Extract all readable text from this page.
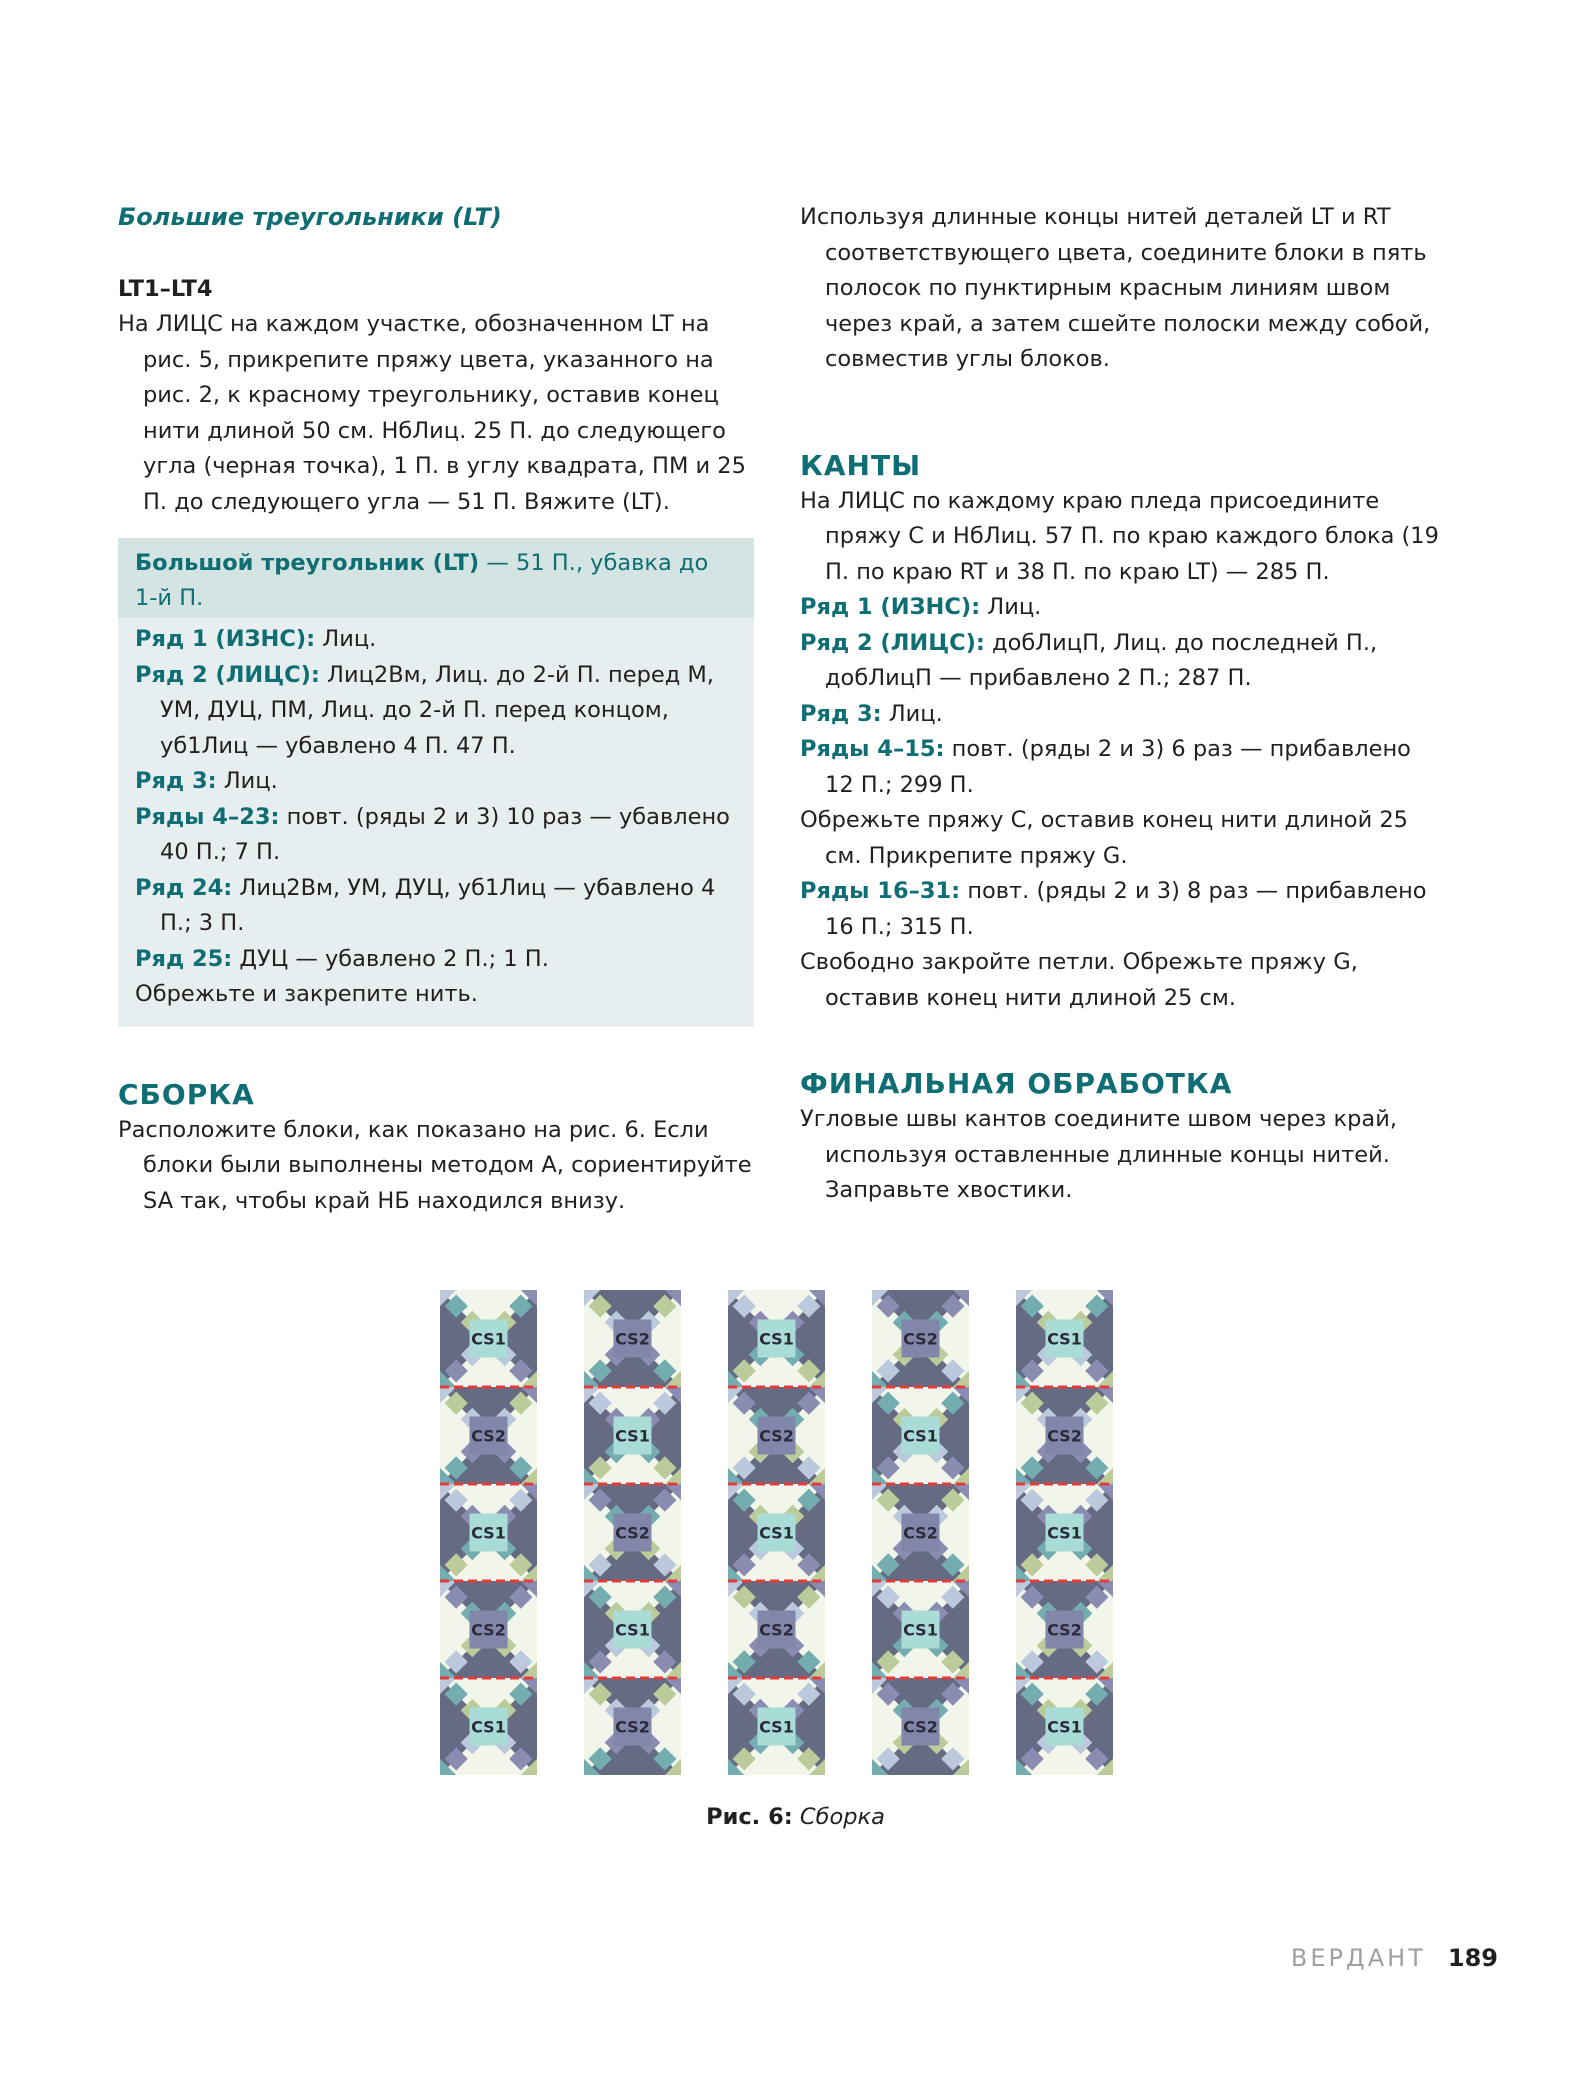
Большие треугольники (LT)

LT1–LT4

На ЛИЦС на каждом участке, обозначенном LT на рис. 5, прикрепите пряжу цвета, указанного на рис. 2, к красному треугольнику, оставив конец нити длиной 50 см. НбЛиц. 25 П. до следующего угла (черная точка), 1 П. в углу квадрата, ПМ и 25 П. до следующего угла — 51 П. Вяжите (LT).

Большой треугольник (LT) — 51 П., убавка до 1-й П.

Ряд 1 (ИЗНС): Лиц.

Ряд 2 (ЛИЦС): Лиц2Вм, Лиц. до 2-й П. перед М, УМ, ДУЦ, ПМ, Лиц. до 2-й П. перед концом, уб1Лиц — убавлено 4 П. 47 П.

Ряд 3: Лиц.

Ряды 4–23: повт. (ряды 2 и 3) 10 раз — убавлено 40 П.; 7 П.

Ряд 24: Лиц2Вм, УМ, ДУЦ, уб1Лиц — убавлено 4 П.; 3 П.

Ряд 25: ДУЦ — убавлено 2 П.; 1 П.

Обрежьте и закрепите нить.

СБОРКА

Расположите блоки, как показано на рис. 6. Если блоки были выполнены методом А, сориентируйте SA так, чтобы край НБ находился внизу.

Используя длинные концы нитей деталей LT и RT соответствующего цвета, соедините блоки в пять полосок по пунктирным красным линиям швом через край, а затем сшейте полоски между собой, совместив углы блоков.

КАНТЫ

На ЛИЦС по каждому краю пледа присоедините пряжу С и НбЛиц. 57 П. по краю каждого блока (19 П. по краю RT и 38 П. по краю LT) — 285 П.

Ряд 1 (ИЗНС): Лиц.

Ряд 2 (ЛИЦС): добЛицП, Лиц. до последней П., добЛицП — прибавлено 2 П.; 287 П.

Ряд 3: Лиц.

Ряды 4–15: повт. (ряды 2 и 3) 6 раз — прибавлено 12 П.; 299 П.

Обрежьте пряжу С, оставив конец нити длиной 25 см. Прикрепите пряжу G.

Ряды 16–31: повт. (ряды 2 и 3) 8 раз — прибавлено 16 П.; 315 П.

Свободно закройте петли. Обрежьте пряжу G, оставив конец нити длиной 25 см.

ФИНАЛЬНАЯ ОБРАБОТКА

Угловые швы кантов соедините швом через край, используя оставленные длинные концы нитей. Заправьте хвостики.

CS1
CS2
CS1
CS2
CS1
CS2
CS1
CS2
CS1
CS2
CS1
CS2
CS1
CS2
CS1
CS2
CS1
CS2
CS1
CS2
CS1
CS2
CS1
CS2
CS1
Рис. 6: Сборка
ВЕРДАНТ 189
